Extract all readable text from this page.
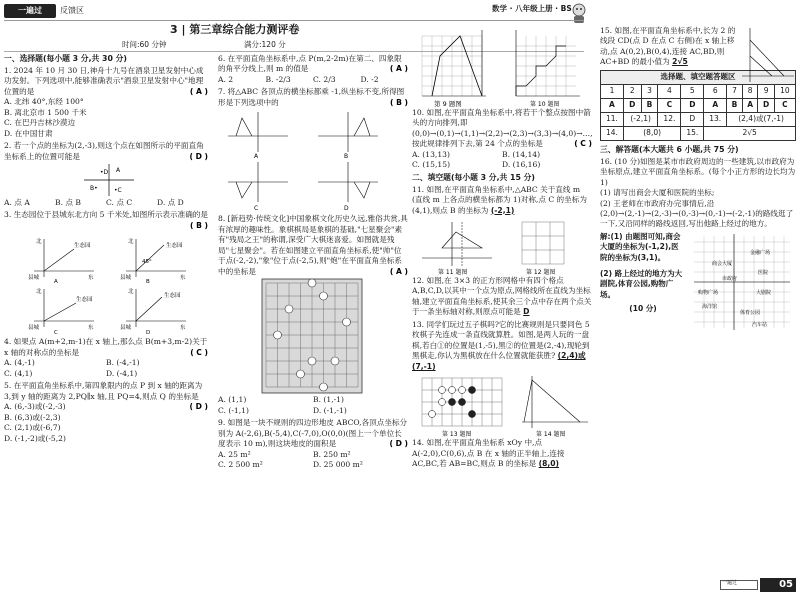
一遍过	反馈区	数学 · 八年级上册 · BS
3 | 第三章综合能力测评卷
时间:60 分钟	满分:120 分
一、选择题(每小题 3 分,共 30 分)
1. 2024 年 10 月 30 日,神舟十九号在酒泉卫星发射中心成功发射。下列选项中,能够准确表示"酒泉卫星发射中心"地理位置的是	( A )
A. 北纬 40°,东经 100°
B. 离北京市 1 500 千米
C. 在巴丹吉林沙漠边
D. 在中国甘肃
2. 若一个点的坐标为(2,-3),则这个点在如图所示的平面直角坐标系上的位置可能是	( D )
A
B•	•C
•D
A. 点 A	B. 点 B	C. 点 C	D. 点 D
3. 生态园位于县城东北方向 5 千米处,如图所示表示准确的是
( B )
北
生态园
县城	东
A
北
生态园
45°
县城	东
B
北
生态园
县城	东
C
北
生态园
县城	东
D
4. 如果点 A(m+2,m-1)在 x 轴上,那么点 B(m+3,m-2)关于 x 轴的对称点的坐标是	( C )
A. (4,-1)	B. (-4,-1)
C. (4,1)	D. (-4,1)
5. 在平面直角坐标系中,第四象限内的点 P 到 x 轴的距离为 3,到 y 轴的距离为 2,PQ∥x 轴,且 PQ=4,则点 Q 的坐标是
( D )
A. (6,-3)或(-2,-3)
B. (6,3)或(-2,3)
C. (2,1)或(-6,7)
D. (-1,-2)或(-5,2)
6. 在平面直角坐标系中,点 P(m,2-2m)在第二、四象限的角平分线上,则 m 的值是	( A )
A. 2	B. -2/3	C. 2/3	D. -2
7. 将△ABC 各顶点的横坐标都乘 -1,纵坐标不变,所得图形是下列选项中的	( B )
A	B
C	D
8. [新趋势·传统文化]中国象棋文化历史久远,雅俗共赏,具有浓厚的趣味性。象棋棋局是象棋的基础,"七星聚会"素有"残局之王"的称谓,深受广大棋迷喜爱。如图就是残局"七星聚会"。若在如图建立平面直角坐标系,使"帅"位于点(-2,-2),"象"位于点(-2,5),则"炮"在平面直角坐标系中的坐标是	( A )
A. (1,1)	B. (1,-1)
C. (-1,1)	D. (-1,-1)
9. 如图是一块不规则的四边形地皮 ABCO,各顶点坐标分别为 A(-2,6),B(-5,4),C(-7,0),O(0,0)(图上一个单位长度表示 10 m),则这块地皮的面积是	( D )
A. 25 m²	B. 250 m²
C. 2 500 m²	D. 25 000 m²
第 9 题图	第 10 题图
10. 如图,在平面直角坐标系中,将若干个整点按图中箭头的方向排列,即(0,0)→(0,1)→(1,1)→(2,2)→(2,3)→(3,3)→(4,0)→…,按此规律排列下去,第 24 个点的坐标是	( C )
A. (13,13)	B. (14,14)
C. (15,15)	D. (16,16)
二、填空题(每小题 3 分,共 15 分)
11. 如图,在平面直角坐标系中,△ABC 关于直线 m (直线 m 上各点的横坐标都为 1)对称,点 C 的坐标为(4,1),则点 B 的坐标为 (-2,1)
第 11 题图	第 12 题图
12. 如图,在 3×3 的正方形网格中有四个格点 A,B,C,D,以其中一个点为原点,网格线所在直线为坐标轴,建立平面直角坐标系,使其余三个点中存在两个点关于一条坐标轴对称,则原点可能是 D
13. 同学们玩过五子棋吗?它的比赛规则是只要同色 5 枚棋子先连成一条直线就算胜。如图,是两人玩的一盘棋,若白①的位置是(1,-5),黑②的位置是(2,-4),现轮到黑棋走,你认为黑棋放在什么位置就能获胜? (2,4)或(7,-1)
第 13 题图	第 14 题图
14. 如图,在平面直角坐标系 xOy 中,点 A(-2,0),C(0,6),点 B 在 x 轴的正半轴上,连接 AC,BC,若 AB=BC,则点 B 的坐标是 (8,0)
15. 如图,在平面直角坐标系中,长为 2 的线段 CD(点 D 在点 C 右侧)在 x 轴上移动,点 A(0,2),B(0,4),连接 AC,BD,则 AC+BD 的最小值为 2√5
选择题、填空题答题区									
1	2	3	4	5	6	7	8	9	10
A	D	B	C	D	A	B	A	D	C
11.	(-2,1)		12.	D	13.	(2,4)或(7,-1)			
14.	(8,0)			15.	2√5				
三、解答题(本大题共 6 小题,共 75 分)
16. (10 分)如图是某市市政府周边的一些建筑,以市政府为坐标原点,建立平面直角坐标系。(每个小正方形的边长均为 1)
(1) 请写出商会大厦和医院的坐标;
(2) 王老师在市政府办完事情后,沿(2,0)→(2,-1)→(2,-3)→(0,-3)→(0,-1)→(-2,-1)的路线逛了一下,又沿同样的路线返回,写出他路上经过的地方。
解:(1) 由题图可知,商会大厦的坐标为(-1,2),医院的坐标为(3,1)。
(2) 路上经过的地方为大剧院,体育公园,购物广场。
(10 分)
商会大厦
市政府
金融广场
医院
大剧院
体育公园
购物广场
海洋馆
汽车站
一遍过	05
